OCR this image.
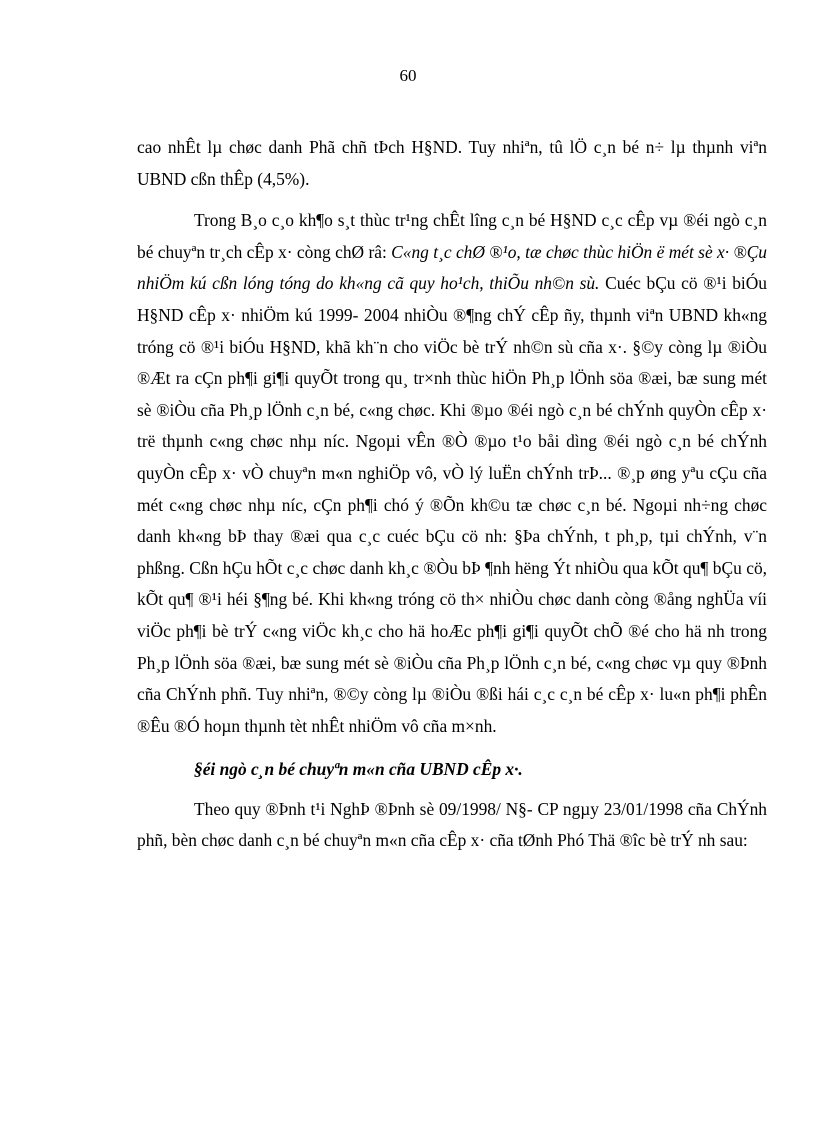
60

cao nhÊt lµ chøc danh Phã chñ tÞch H§ND. Tuy nhiªn, tû lÖ c¸n bé n÷ lµ thµnh viªn UBND cßn thÊp (4,5%).

Trong B¸o c¸o kh¶o s¸t thùc tr¹ng chÊt lîng c¸n bé H§ND c¸c cÊp vµ ®éi ngò c¸n bé chuyªn tr¸ch cÊp x· còng chØ râ: C«ng t¸c chØ ®¹o, tæ chøc thùc hiÖn ë mét sè x· ®Çu nhiÖm kú cßn lóng tóng do kh«ng cã quy ho¹ch, thiÕu nh©n sù. Cuéc bÇu cö ®¹i biÓu H§ND cÊp x· nhiÖm kú 1999- 2004 nhiÒu ®¶ng chÝ cÊp ñy, thµnh viªn UBND kh«ng tróng cö ®¹i biÓu H§ND, khã kh¨n cho viÖc bè trÝ nh©n sù cña x·. §©y còng lµ ®iÒu ®Æt ra cÇn ph¶i gi¶i quyÕt trong qu¸ tr×nh thùc hiÖn Ph¸p lÖnh söa ®æi, bæ sung mét sè ®iÒu cña Ph¸p lÖnh c¸n bé, c«ng chøc. Khi ®µo ®éi ngò c¸n bé chÝnh quyÒn cÊp x· trë thµnh c«ng chøc nhµ níc. Ngoµi vÊn ®Ò ®µo t¹o båi dìng ®éi ngò c¸n bé chÝnh quyÒn cÊp x· vÒ chuyªn m«n nghiÖp vô, vÒ lý luËn chÝnh trÞ... ®¸p øng yªu cÇu cña mét c«ng chøc nhµ níc, cÇn ph¶i chó ý ®Õn kh©u tæ chøc c¸n bé. Ngoµi nh÷ng chøc danh kh«ng bÞ thay ®æi qua c¸c cuéc bÇu cö nh: §Þa chÝnh, t ph¸p, tµi chÝnh, v¨n phßng. Cßn hÇu hÕt c¸c chøc danh kh¸c ®Òu bÞ ¶nh hëng Ýt nhiÒu qua kÕt qu¶ bÇu cö, kÕt qu¶ ®¹i héi §¶ng bé. Khi kh«ng tróng cö th× nhiÒu chøc danh còng ®ång nghÜa víi viÖc ph¶i bè trÝ c«ng viÖc kh¸c cho hä hoÆc ph¶i gi¶i quyÕt chÕ ®é cho hä nh trong Ph¸p lÖnh söa ®æi, bæ sung mét sè ®iÒu cña Ph¸p lÖnh c¸n bé, c«ng chøc vµ quy ®Þnh cña ChÝnh phñ. Tuy nhiªn, ®©y còng lµ ®iÒu ®ßi hái c¸c c¸n bé cÊp x· lu«n ph¶i phÊn ®Êu ®Ó hoµn thµnh tèt nhÊt nhiÖm vô cña m×nh.

§éi ngò c¸n bé chuyªn m«n cña UBND cÊp x·.

Theo quy ®Þnh t¹i NghÞ ®Þnh sè 09/1998/ N§- CP ngµy 23/01/1998 cña ChÝnh phñ, bèn chøc danh c¸n bé chuyªn m«n cña cÊp x· cña tØnh Phó Thä ®îc bè trÝ nh sau:
